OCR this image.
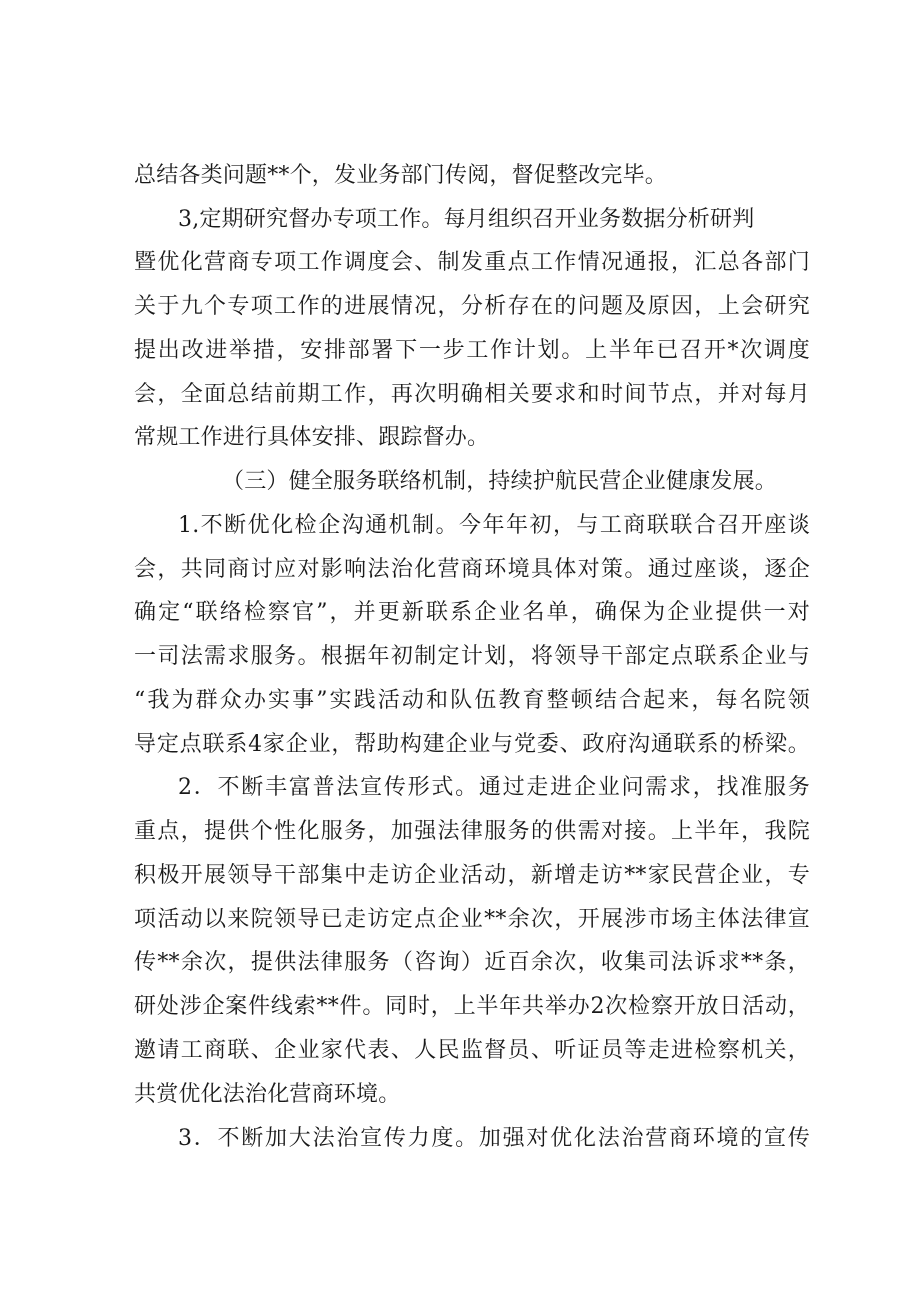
总结各类问题**个，发业务部门传阅，督促整改完毕。
3,定期研究督办专项工作。每月组织召开业务数据分析研判
暨优化营商专项工作调度会、制发重点工作情况通报，汇总各部门
关于九个专项工作的进展情况，分析存在的问题及原因，上会研究
提出改进举措，安排部署下一步工作计划。上半年已召开*次调度
会，全面总结前期工作，再次明确相关要求和时间节点，并对每月
常规工作进行具体安排、跟踪督办。
（三）健全服务联络机制，持续护航民营企业健康发展。
1.不断优化检企沟通机制。今年年初，与工商联联合召开座谈
会，共同商讨应对影响法治化营商环境具体对策。通过座谈，逐企
确定“联络检察官”，并更新联系企业名单，确保为企业提供一对
一司法需求服务。根据年初制定计划，将领导干部定点联系企业与
“我为群众办实事”实践活动和队伍教育整顿结合起来，每名院领
导定点联系4家企业，帮助构建企业与党委、政府沟通联系的桥梁。
2．不断丰富普法宣传形式。通过走进企业问需求，找准服务
重点，提供个性化服务，加强法律服务的供需对接。上半年，我院
积极开展领导干部集中走访企业活动，新增走访**家民营企业，专
项活动以来院领导已走访定点企业**余次，开展涉市场主体法律宣
传**余次，提供法律服务（咨询）近百余次，收集司法诉求**条，
研处涉企案件线索**件。同时，上半年共举办2次检察开放日活动，
邀请工商联、企业家代表、人民监督员、听证员等走进检察机关，
共赏优化法治化营商环境。
3．不断加大法治宣传力度。加强对优化法治营商环境的宣传
